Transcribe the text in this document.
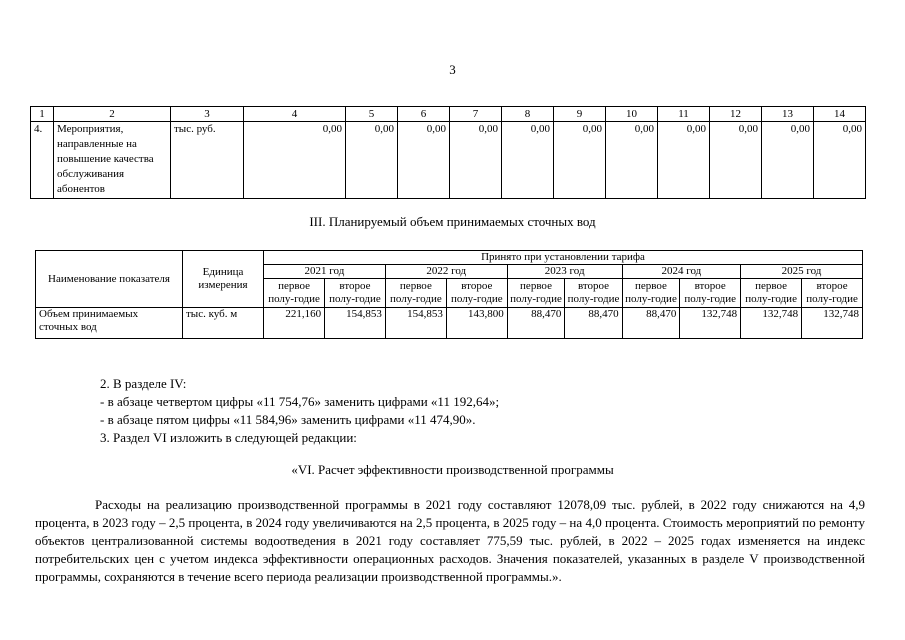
3
1	2	3	4	5	6	7	8	9	10	11	12	13	14
4.	Мероприятия, направленные на повышение качества обслуживания абонентов	тыс. руб.	0,00	0,00	0,00	0,00	0,00	0,00	0,00	0,00	0,00	0,00	0,00
III. Планируемый объем принимаемых сточных вод
Наименование показателя	Единица измерения	Принято при установлении тарифа									
		2021 год		2022 год		2023 год		2024 год		2025 год	
		первое полу-годие	второе полу-годие	первое полу-годие	второе полу-годие	первое полу-годие	второе полу-годие	первое полу-годие	второе полу-годие	первое полу-годие	второе полу-годие
Объем принимаемых сточных вод	тыс. куб. м	221,160	154,853	154,853	143,800	88,470	88,470	88,470	132,748	132,748	132,748
2. В разделе IV:
- в абзаце четвертом цифры «11 754,76» заменить цифрами «11 192,64»;
- в абзаце пятом цифры «11 584,96» заменить цифрами «11 474,90».
3. Раздел VI изложить в следующей редакции:
«VI. Расчет эффективности производственной программы
Расходы на реализацию производственной программы в 2021 году составляют 12078,09 тыс. рублей, в 2022 году снижаются на 4,9 процента, в 2023 году – 2,5 процента, в 2024 году увеличиваются на 2,5 процента, в 2025 году – на 4,0 процента. Стоимость мероприятий по ремонту объектов централизованной системы водоотведения в 2021 году составляет 775,59 тыс. рублей, в 2022 – 2025 годах изменяется на индекс потребительских цен с учетом индекса эффективности операционных расходов. Значения показателей, указанных в разделе V производственной программы, сохраняются в течение всего периода реализации производственной программы.».
